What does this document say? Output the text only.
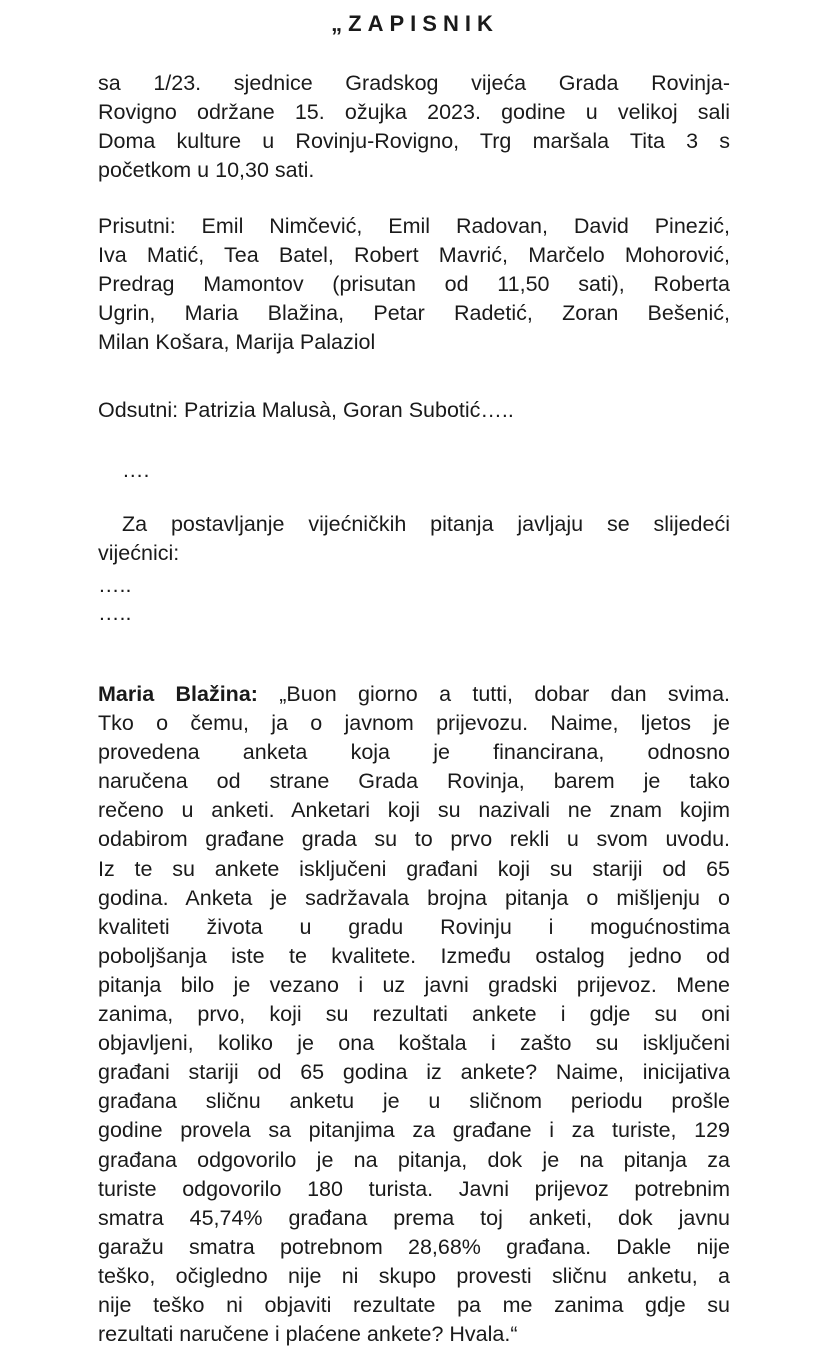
„ZAPISNIK
sa 1/23. sjednice Gradskog vijeća Grada Rovinja-
Rovigno održane 15. ožujka 2023. godine u velikoj sali
Doma kulture u Rovinju-Rovigno, Trg maršala Tita 3 s
početkom u 10,30 sati.
Prisutni: Emil Nimčević, Emil Radovan, David Pinezić,
Iva Matić, Tea Batel, Robert Mavrić, Marčelo Mohorović,
Predrag Mamontov (prisutan od 11,50 sati), Roberta
Ugrin, Maria Blažina, Petar Radetić, Zoran Bešenić,
Milan Košara, Marija Palaziol
Odsutni: Patrizia Malusà, Goran Subotić…..
….
Za postavljanje vijećničkih pitanja javljaju se slijedeći
vijećnici:
…..
…..
Maria Blažina: „Buon giorno a tutti, dobar dan svima.
Tko o čemu, ja o javnom prijevozu. Naime, ljetos je
provedena anketa koja je financirana, odnosno
naručena od strane Grada Rovinja, barem je tako
rečeno u anketi. Anketari koji su nazivali ne znam kojim
odabirom građane grada su to prvo rekli u svom uvodu.
Iz te su ankete isključeni građani koji su stariji od 65
godina. Anketa je sadržavala brojna pitanja o mišljenju o
kvaliteti života u gradu Rovinju i mogućnostima
poboljšanja iste te kvalitete. Između ostalog jedno od
pitanja bilo je vezano i uz javni gradski prijevoz. Mene
zanima, prvo, koji su rezultati ankete i gdje su oni
objavljeni, koliko je ona koštala i zašto su isključeni
građani stariji od 65 godina iz ankete? Naime, inicijativa
građana sličnu anketu je u sličnom periodu prošle
godine provela sa pitanjima za građane i za turiste, 129
građana odgovorilo je na pitanja, dok je na pitanja za
turiste odgovorilo 180 turista. Javni prijevoz potrebnim
smatra 45,74% građana prema toj anketi, dok javnu
garažu smatra potrebnom 28,68% građana. Dakle nije
teško, očigledno nije ni skupo provesti sličnu anketu, a
nije teško ni objaviti rezultate pa me zanima gdje su
rezultati naručene i plaćene ankete? Hvala.“
